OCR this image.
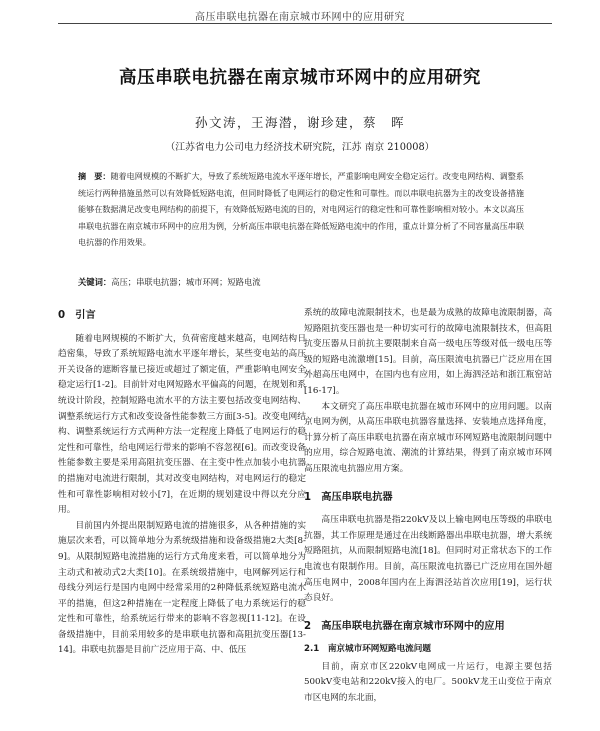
高压串联电抗器在南京城市环网中的应用研究
高压串联电抗器在南京城市环网中的应用研究
孙文涛，王海潜，谢珍建，蔡　晖
（江苏省电力公司电力经济技术研究院，江苏 南京 210008）
摘　要：随着电网规模的不断扩大，导致了系统短路电流水平逐年增长，严重影响电网安全稳定运行。改变电网结构、调整系统运行两种措施虽然可以有效降低短路电流，但同时降低了电网运行的稳定性和可靠性。而以串联电抗器为主的改变设备措施能够在数据满足改变电网结构的前提下，有效降低短路电流的目的，对电网运行的稳定性和可靠性影响相对较小。本文以高压串联电抗器在南京城市环网中的应用为例，分析高压串联电抗器在降低短路电流中的作用，重点计算分析了不同容量高压串联电抗器的作用效果。
关键词：高压；串联电抗器；城市环网；短路电流
0　引言

随着电网规模的不断扩大，负荷密度越来越高，电网结构日趋密集，导致了系统短路电流水平逐年增长，某些变电站的高压开关设备的遮断容量已接近或超过了额定值，严重影响电网安全稳定运行[1-2]。目前针对电网短路水平偏高的问题，在规划和系统设计阶段，控制短路电流水平的方法主要包括改变电网结构、调整系统运行方式和改变设备性能参数三方面[3-5]。改变电网结构、调整系统运行方式两种方法一定程度上降低了电网运行的稳定性和可靠性，给电网运行带来的影响不容忽视[6]。而改变设备性能参数主要是采用高阻抗变压器、在主变中性点加装小电抗器的措施对电流进行限制，其对改变电网结构，对电网运行的稳定性和可靠性影响相对较小[7]，在近期的规划建设中得以充分应用。

目前国内外提出限制短路电流的措施很多，从各种措施的实施层次来看，可以简单地分为系统级措施和设备级措施2大类[8-9]。从限制短路电流措施的运行方式角度来看，可以简单地分为主动式和被动式2大类[10]。在系统级措施中，电网解列运行和母线分列运行是国内电网中经常采用的2种降低系统短路电流水平的措施，但这2种措施在一定程度上降低了电力系统运行的稳定性和可靠性，给系统运行带来的影响不容忽视[11-12]。在设备级措施中，目前采用较多的是串联电抗器和高阻抗变压器[13-14]。串联电抗器是目前广泛应用于高、中、低压

系统的故障电流限制技术，也是最为成熟的故障电流限制器，高短路阻抗变压器也是一种切实可行的故障电流限制技术，但高阻抗变压器从日前抗主要限制来自高一级电压等级对低一级电压等级的短路电流激增[15]。目前，高压限流电抗器已广泛应用在国外超高压电网中，在国内也有应用，如上海泗泾站和浙江瓶窑站[16-17]。

本文研究了高压串联电抗器在城市环网中的应用问题。以南京电网为例，从高压串联电抗器容量选择、安装地点选择角度，计算分析了高压串联电抗器在南京城市环网短路电流限制问题中的应用，综合短路电流、潮流的计算结果，得到了南京城市环网高压限流电抗器应用方案。

1　高压串联电抗器

高压串联电抗器是指220kV及以上输电网电压等级的串联电抗器，其工作原理是通过在出线断路器出串联电抗器，增大系统短路阻抗，从而限制短路电流[18]。但同时对正常状态下的工作电流也有限制作用。目前，高压限流电抗器已广泛应用在国外超高压电网中，2008年国内在上海泗泾站首次应用[19]，运行状态良好。

2　高压串联电抗器在南京城市环网中的应用
2.1　南京城市环网短路电流问题

目前，南京市区220kV电网成一片运行，电源主要包括500kV变电站和220kV接入的电厂。500kV龙王山变位于南京市区电网的东北面，
